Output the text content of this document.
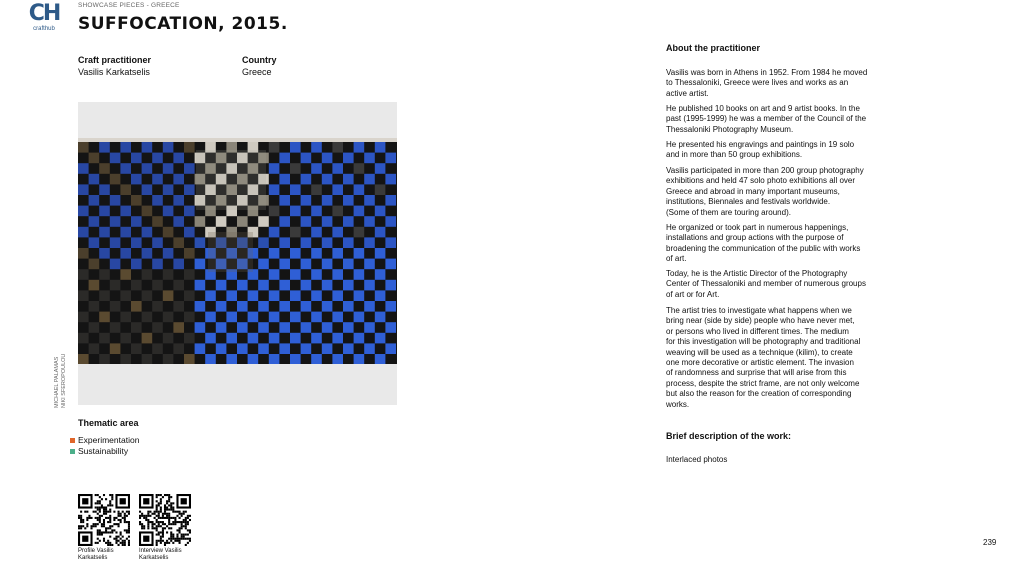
CH
crafthub
SHOWCASE PIECES - GREECE
SUFFOCATION, 2015.
Craft practitioner
Vasilis Karkatselis
Country
Greece
MICHAEL PALAMAS NIKI SFEROPOULOU
Thematic area
Experimentation
Sustainability
Profile Vasilis Karkatselis
Interview Vasilis Karkatselis
About the practitioner
Vasilis was born in Athens in 1952. From 1984 he moved
to Thessaloniki, Greece were lives and works as an
active artist.
He published 10 books on art and 9 artist books. In the
past (1995-1999) he was a member of the Council of the
Thessaloniki Photography Museum.
He presented his engravings and paintings in 19 solo
and in more than 50 group exhibitions.
Vasilis participated in more than 200 group photography
exhibitions and held 47 solo photo exhibitions all over
Greece and abroad in many important museums,
institutions, Biennales and festivals worldwide.
(Some of them are touring around).
He organized or took part in numerous happenings,
installations and group actions with the purpose of
broadening the communication of the public with works
of art.
Today, he is the Artistic Director of the Photography
Center of Thessaloniki and member of numerous groups
of art or for Art.
The artist tries to investigate what happens when we
bring near (side by side) people who have never met,
or persons who lived in different times. The medium
for this investigation will be photography and traditional
weaving will be used as a technique (kilim), to create
one more decorative or artistic element. The invasion
of randomness and surprise that will arise from this
process, despite the strict frame, are not only welcome
but also the reason for the creation of corresponding
works.
Brief description of the work:
Interlaced photos
239
